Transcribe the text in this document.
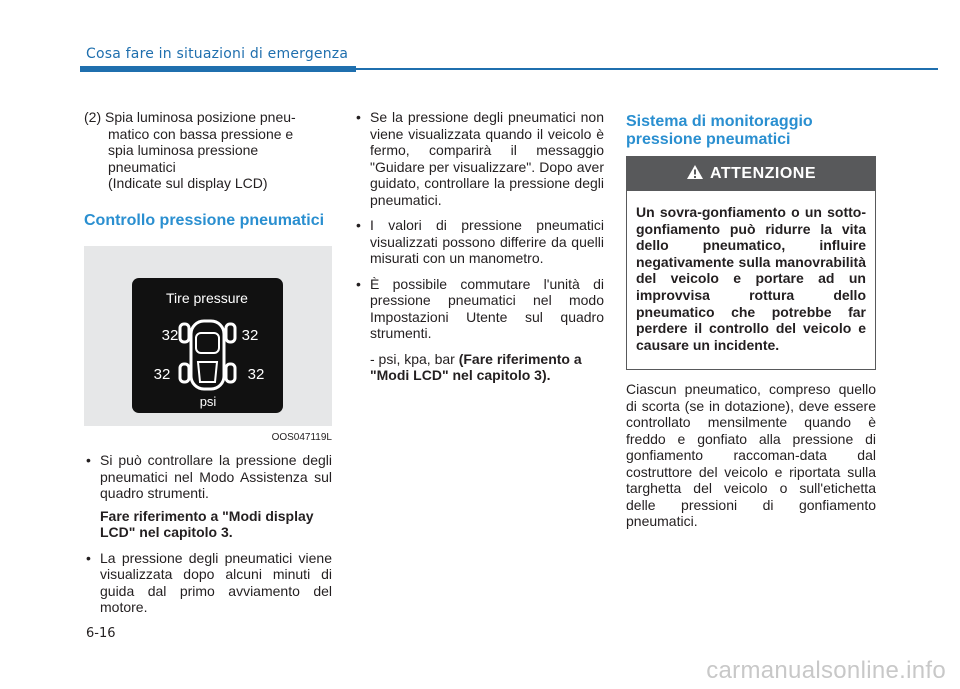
Cosa fare in situazioni di emergenza

(2) Spia luminosa posizione pneu-

matico con bassa pressione e

spia luminosa pressione

pneumatici

(Indicate sul display LCD)

Controllo pressione pneumatici

Tire pressure
32	32
32	32
psi
OOS047119L

• Si può controllare la pressione degli pneumatici nel Modo Assistenza sul quadro strumenti.

Fare riferimento a "Modi display LCD" nel capitolo 3.

• La pressione degli pneumatici viene visualizzata dopo alcuni minuti di guida dal primo avviamento del motore.

• Se la pressione degli pneumatici non viene visualizzata quando il veicolo è fermo, comparirà il messaggio "Guidare per visualizzare". Dopo aver guidato, controllare la pressione degli pneumatici.

• I valori di pressione pneumatici visualizzati possono differire da quelli misurati con un manometro.

• È possibile commutare l'unità di pressione pneumatici nel modo Impostazioni Utente sul quadro strumenti.

- psi, kpa, bar (Fare riferimento a "Modi LCD" nel capitolo 3).

Sistema di monitoraggio

pressione pneumatici

ATTENZIONE
Un sovra-gonfiamento o un sotto-gonfiamento può ridurre la vita dello pneumatico, influire negativamente sulla manovrabilità del veicolo e portare ad un improvvisa rottura dello pneumatico che potrebbe far perdere il controllo del veicolo e causare un incidente.
Ciascun pneumatico, compreso quello di scorta (se in dotazione), deve essere controllato mensilmente quando è freddo e gonfiato alla pressione di gonfiamento raccoman-data dal costruttore del veicolo e riportata sulla targhetta del veicolo o sull'etichetta delle pressioni di gonfiamento pneumatici.
6-16
carmanualsonline.info
